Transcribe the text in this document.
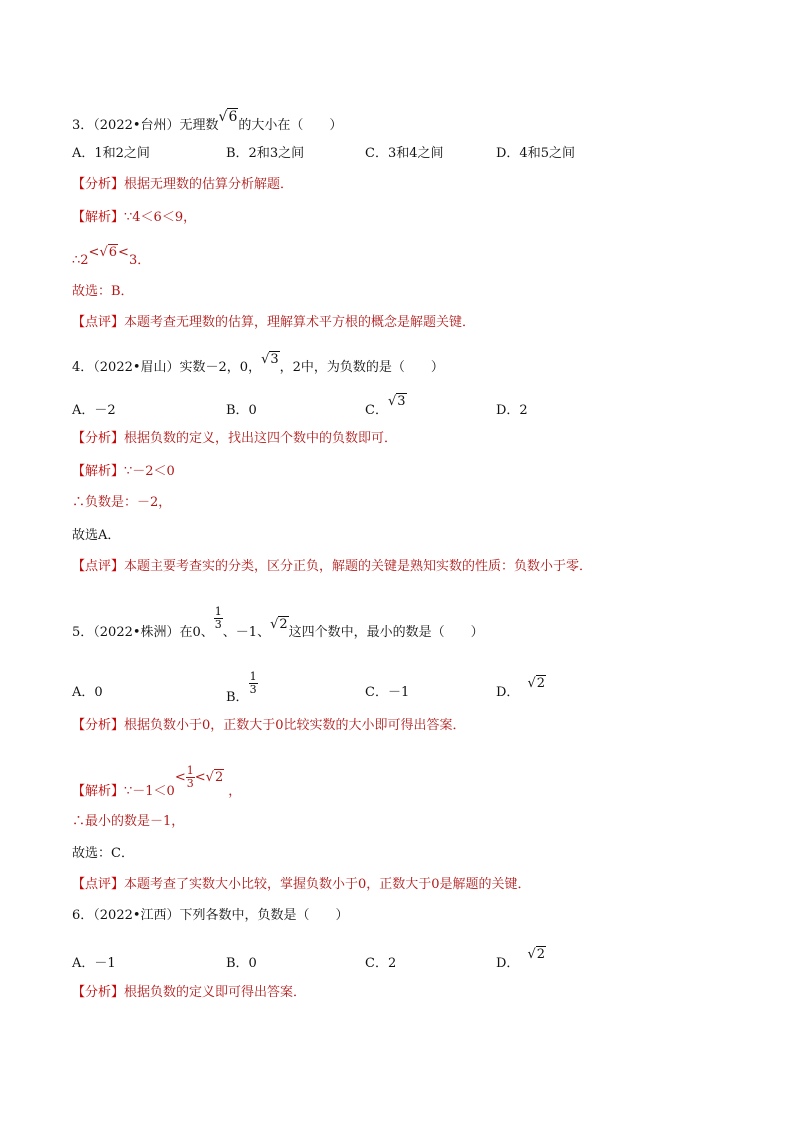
3．（2022•台州）无理数√6的大小在（　　）
A．1和2之间	B．2和3之间	C．3和4之间	D．4和5之间
【分析】根据无理数的估算分析解题．
【解析】∵4＜6＜9，
∴2<√6<3．
故选：B．
【点评】本题考查无理数的估算，理解算术平方根的概念是解题关键．
4．（2022•眉山）实数－2，0，√3，2中，为负数的是（　　）
A．－2	B．0	C．√3
D．2
【分析】根据负数的定义，找出这四个数中的负数即可．
【解析】∵－2＜0
∴负数是：－2，
故选A．
【点评】本题主要考查实的分类，区分正负，解题的关键是熟知实数的性质：负数小于零．
5．（2022•株洲）在0、
$\frac{1}{3}$
、－1、√2这四个数中，最小的数是（　　）
A．0	B．
$\frac{1}{3}$	C．－1	D．√2
【分析】根据负数小于0，正数大于0比较实数的大小即可得出答案．
【解析】∵－1＜0< $\frac{1}{3} <√2$，
∴最小的数是－1，
故选：C．
【点评】本题考查了实数大小比较，掌握负数小于0，正数大于0是解题的关键．
6．（2022•江西）下列各数中，负数是（　　）
A．－1	B．0	C．2	D．√2
【分析】根据负数的定义即可得出答案．
